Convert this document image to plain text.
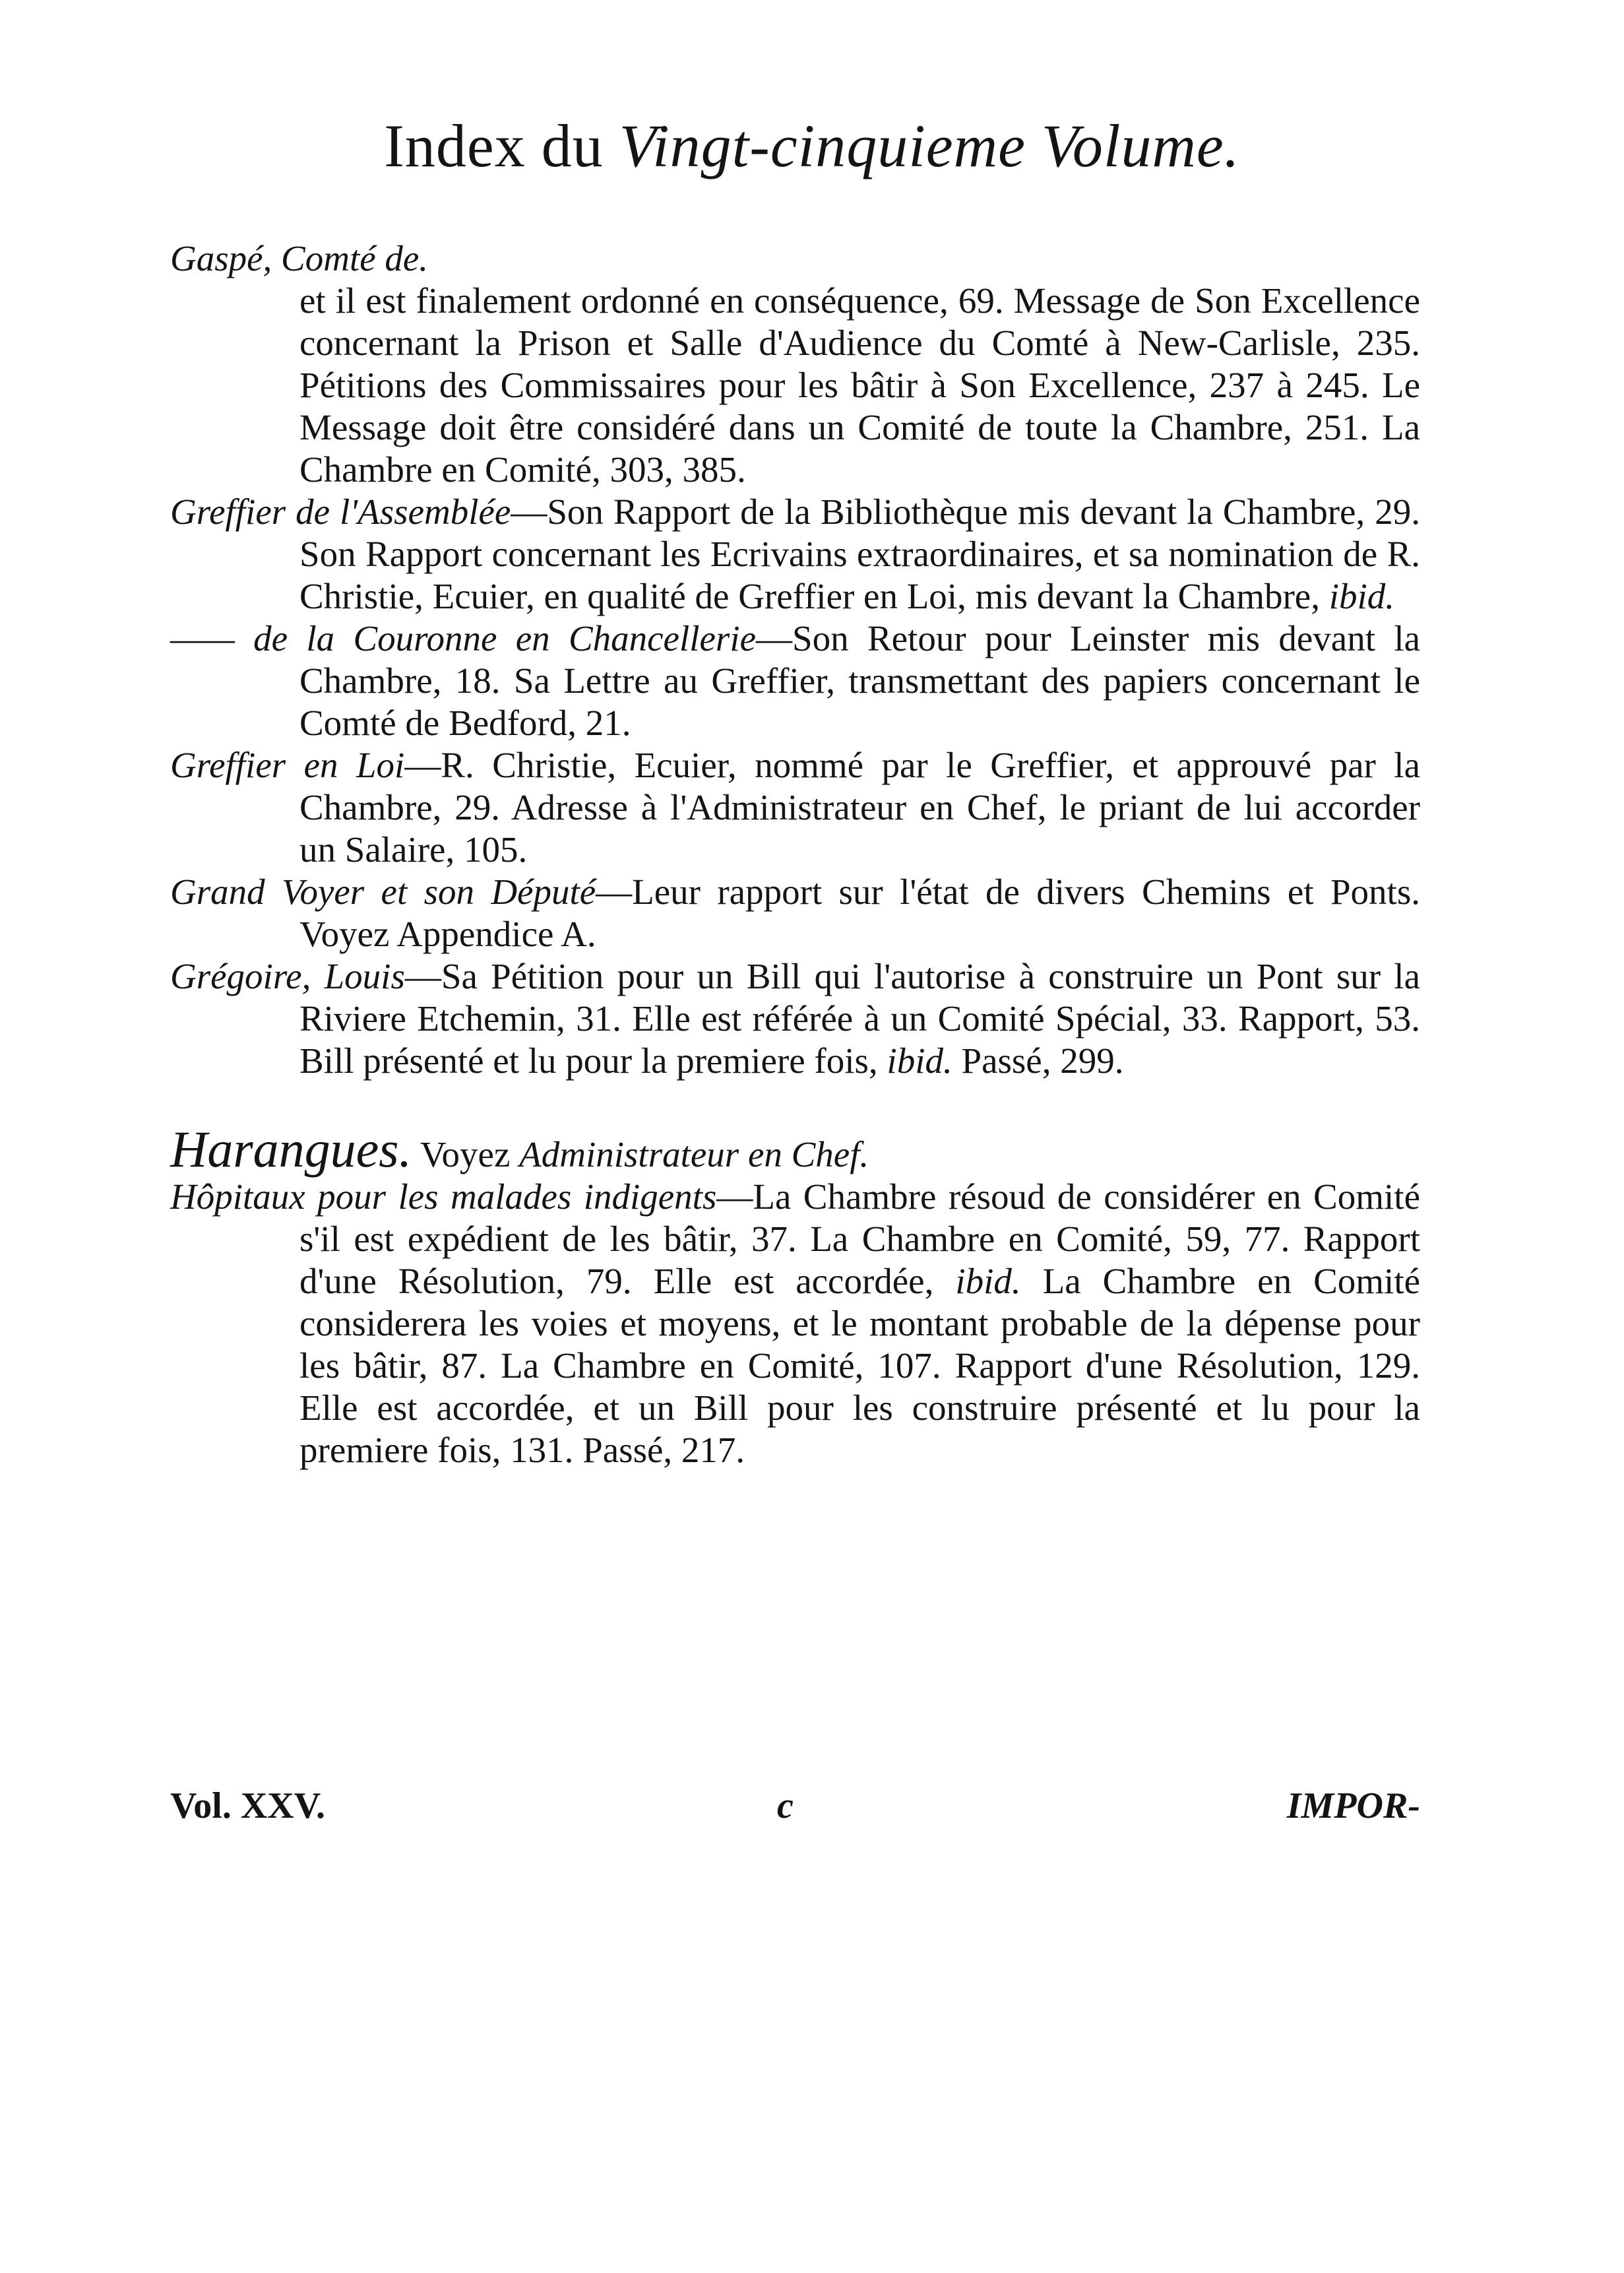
Index du Vingt-cinquieme Volume.

Gaspé, Comté de.

et il est finalement ordonné en conséquence, 69. Message de Son Excellence concernant la Prison et Salle d'Audience du Comté à New-Carlisle, 235. Pétitions des Commissaires pour les bâtir à Son Excellence, 237 à 245. Le Message doit être considéré dans un Comité de toute la Chambre, 251. La Chambre en Comité, 303, 385.

Greffier de l'Assemblée—Son Rapport de la Bibliothèque mis devant la Chambre, 29. Son Rapport concernant les Ecrivains extraordinaires, et sa nomination de R. Christie, Ecuier, en qualité de Greffier en Loi, mis devant la Chambre, ibid.

—— de la Couronne en Chancellerie—Son Retour pour Leinster mis devant la Chambre, 18. Sa Lettre au Greffier, transmettant des papiers concernant le Comté de Bedford, 21.

Greffier en Loi—R. Christie, Ecuier, nommé par le Greffier, et approuvé par la Chambre, 29. Adresse à l'Administrateur en Chef, le priant de lui accorder un Salaire, 105.

Grand Voyer et son Député—Leur rapport sur l'état de divers Chemins et Ponts. Voyez Appendice A.

Grégoire, Louis—Sa Pétition pour un Bill qui l'autorise à construire un Pont sur la Riviere Etchemin, 31. Elle est référée à un Comité Spécial, 33. Rapport, 53. Bill présenté et lu pour la premiere fois, ibid. Passé, 299.

Harangues. Voyez Administrateur en Chef.

Hôpitaux pour les malades indigents—La Chambre résoud de considérer en Comité s'il est expédient de les bâtir, 37. La Chambre en Comité, 59, 77. Rapport d'une Résolution, 79. Elle est accordée, ibid. La Chambre en Comité considerera les voies et moyens, et le montant probable de la dépense pour les bâtir, 87. La Chambre en Comité, 107. Rapport d'une Résolution, 129. Elle est accordée, et un Bill pour les construire présenté et lu pour la premiere fois, 131. Passé, 217.

Vol. XXV.	c	IMPOR-
